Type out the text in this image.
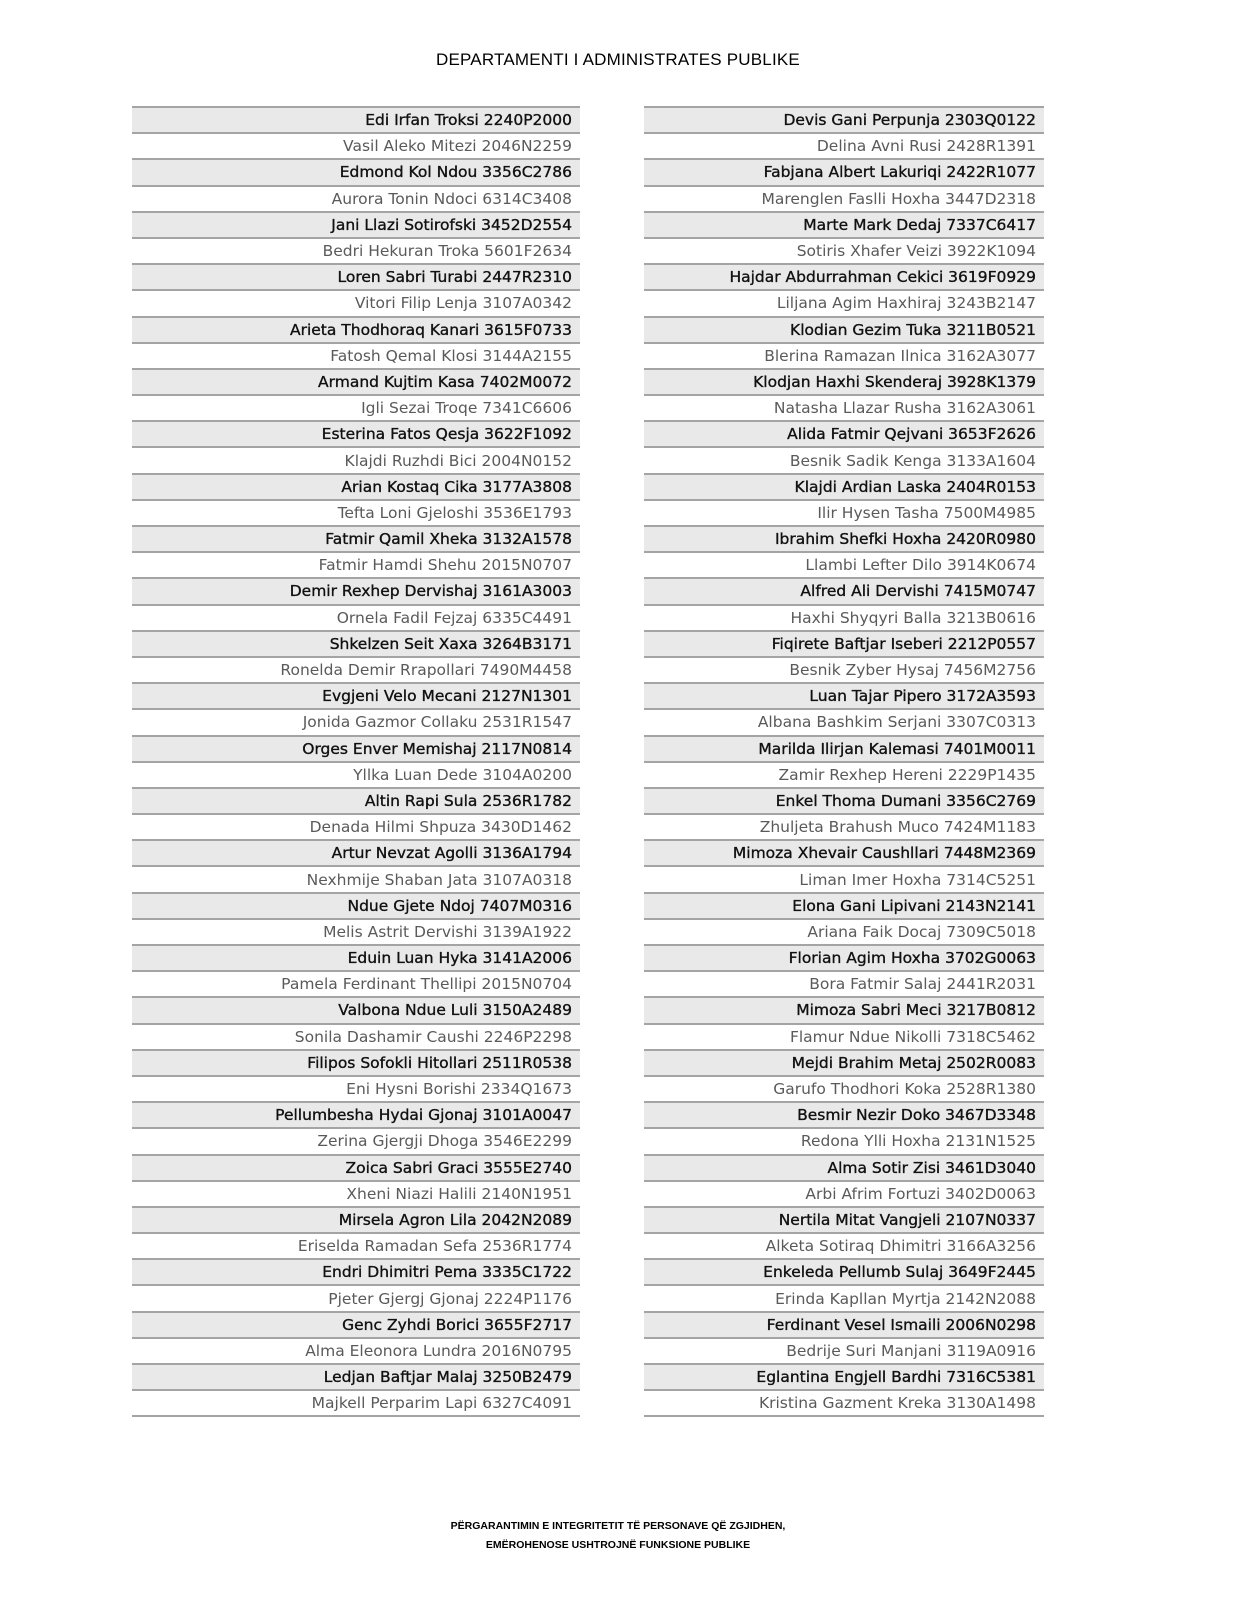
DEPARTAMENTI I ADMINISTRATES PUBLIKE
Edi Irfan Troksi 2240P2000
Vasil Aleko Mitezi 2046N2259
Edmond Kol Ndou 3356C2786
Aurora Tonin Ndoci 6314C3408
Jani Llazi Sotirofski 3452D2554
Bedri Hekuran Troka 5601F2634
Loren Sabri Turabi 2447R2310
Vitori Filip Lenja 3107A0342
Arieta Thodhoraq Kanari 3615F0733
Fatosh Qemal Klosi 3144A2155
Armand Kujtim Kasa 7402M0072
Igli Sezai Troqe 7341C6606
Esterina Fatos Qesja 3622F1092
Klajdi Ruzhdi Bici 2004N0152
Arian Kostaq Cika 3177A3808
Tefta Loni Gjeloshi 3536E1793
Fatmir Qamil Xheka 3132A1578
Fatmir Hamdi Shehu 2015N0707
Demir Rexhep Dervishaj 3161A3003
Ornela Fadil Fejzaj 6335C4491
Shkelzen Seit Xaxa 3264B3171
Ronelda Demir Rrapollari 7490M4458
Evgjeni Velo Mecani 2127N1301
Jonida Gazmor Collaku 2531R1547
Orges Enver Memishaj 2117N0814
Yllka Luan Dede 3104A0200
Altin Rapi Sula 2536R1782
Denada Hilmi Shpuza 3430D1462
Artur Nevzat Agolli 3136A1794
Nexhmije Shaban Jata 3107A0318
Ndue Gjete Ndoj 7407M0316
Melis Astrit Dervishi 3139A1922
Eduin Luan Hyka 3141A2006
Pamela Ferdinant Thellipi 2015N0704
Valbona Ndue Luli 3150A2489
Sonila Dashamir Caushi 2246P2298
Filipos Sofokli Hitollari 2511R0538
Eni Hysni Borishi 2334Q1673
Pellumbesha Hydai Gjonaj 3101A0047
Zerina Gjergji Dhoga 3546E2299
Zoica Sabri Graci 3555E2740
Xheni Niazi Halili 2140N1951
Mirsela Agron Lila 2042N2089
Eriselda Ramadan Sefa 2536R1774
Endri Dhimitri Pema 3335C1722
Pjeter Gjergj Gjonaj 2224P1176
Genc Zyhdi Borici 3655F2717
Alma Eleonora Lundra 2016N0795
Ledjan Baftjar Malaj 3250B2479
Majkell Perparim Lapi 6327C4091
Devis Gani Perpunja 2303Q0122
Delina Avni Rusi 2428R1391
Fabjana Albert Lakuriqi 2422R1077
Marenglen Faslli Hoxha 3447D2318
Marte Mark Dedaj 7337C6417
Sotiris Xhafer Veizi 3922K1094
Hajdar Abdurrahman Cekici 3619F0929
Liljana Agim Haxhiraj 3243B2147
Klodian Gezim Tuka 3211B0521
Blerina Ramazan Ilnica 3162A3077
Klodjan Haxhi Skenderaj 3928K1379
Natasha Llazar Rusha 3162A3061
Alida Fatmir Qejvani 3653F2626
Besnik Sadik Kenga 3133A1604
Klajdi Ardian Laska 2404R0153
Ilir Hysen Tasha 7500M4985
Ibrahim Shefki Hoxha 2420R0980
Llambi Lefter Dilo 3914K0674
Alfred Ali Dervishi 7415M0747
Haxhi Shyqyri Balla 3213B0616
Fiqirete Baftjar Iseberi 2212P0557
Besnik Zyber Hysaj 7456M2756
Luan Tajar Pipero 3172A3593
Albana Bashkim Serjani 3307C0313
Marilda Ilirjan Kalemasi 7401M0011
Zamir Rexhep Hereni 2229P1435
Enkel Thoma Dumani 3356C2769
Zhuljeta Brahush Muco 7424M1183
Mimoza Xhevair Caushllari 7448M2369
Liman Imer Hoxha 7314C5251
Elona Gani Lipivani 2143N2141
Ariana Faik Docaj 7309C5018
Florian Agim Hoxha 3702G0063
Bora Fatmir Salaj 2441R2031
Mimoza Sabri Meci 3217B0812
Flamur Ndue Nikolli 7318C5462
Mejdi Brahim Metaj 2502R0083
Garufo Thodhori Koka 2528R1380
Besmir Nezir Doko 3467D3348
Redona Ylli Hoxha 2131N1525
Alma Sotir Zisi 3461D3040
Arbi Afrim Fortuzi 3402D0063
Nertila Mitat Vangjeli 2107N0337
Alketa Sotiraq Dhimitri 3166A3256
Enkeleda Pellumb Sulaj 3649F2445
Erinda Kapllan Myrtja 2142N2088
Ferdinant Vesel Ismaili 2006N0298
Bedrije Suri Manjani 3119A0916
Eglantina Engjell Bardhi 7316C5381
Kristina Gazment Kreka 3130A1498
PËRGARANTIMIN E INTEGRITETIT TË PERSONAVE QË ZGJIDHEN,
EMËROHENOSE USHTROJNË FUNKSIONE PUBLIKE
